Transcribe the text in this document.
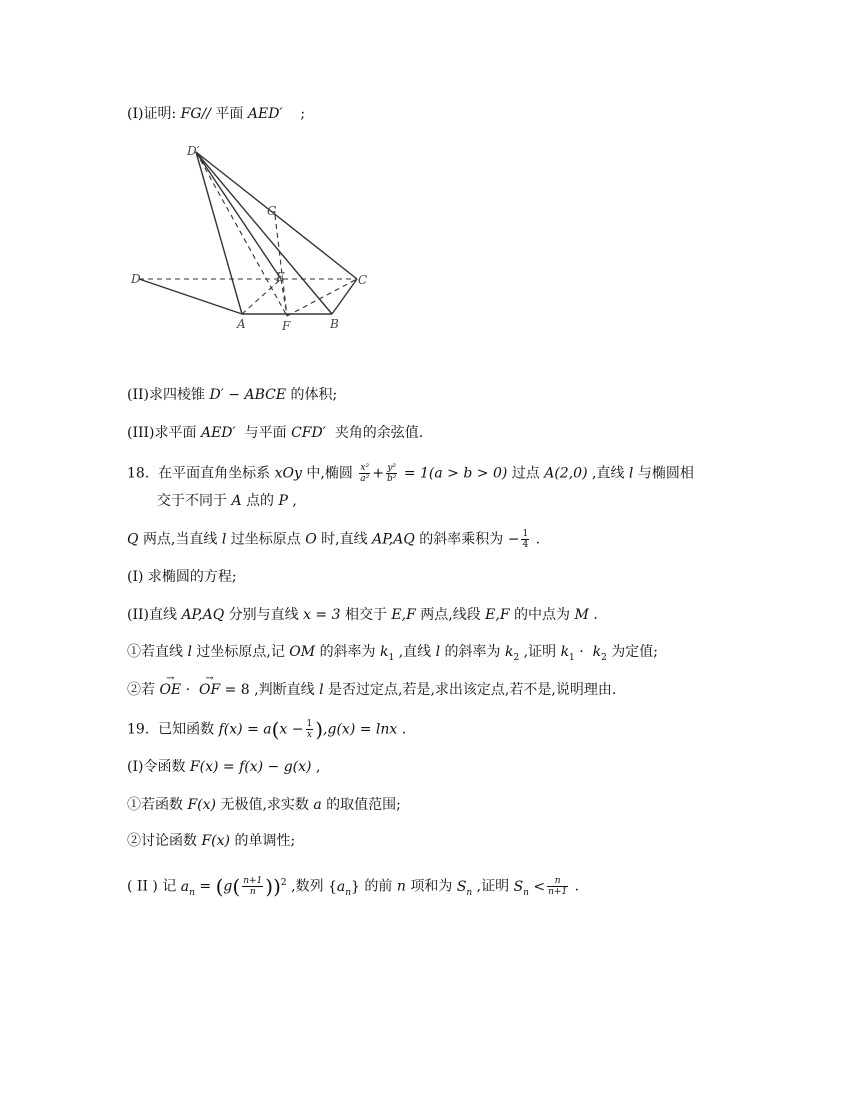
(I)证明: FG// 平面 AED′ ;
D′
G
D	E	C
A	F	B
(II)求四棱锥 D′ − ABCE 的体积;
(III)求平面 AED′ 与平面 CFD′ 夹角的余弦值.
18. 在平面直角坐标系 xOy 中,椭圆 $\frac{\text{x²}}{\text{a²}} + \frac{\text{y²}}{\text{b²}} = 1(a > b > 0)$ 过点 A(2,0) ,直线 l 与椭圆相
交于不同于 A 点的 P ,
Q 两点,当直线 l 过坐标原点 O 时,直线 AP,AQ 的斜率乘积为 − $\frac{1}{4}$ .
(I) 求椭圆的方程;
(II)直线 AP,AQ 分别与直线 x = 3 相交于 E,F 两点,线段 E,F 的中点为 M .
①若直线 l 过坐标原点,记 OM 的斜率为 $k_1$ ,直线 l 的斜率为 $k_2$ ,证明 $k_1 \cdot k_2$ 为定值;
②若 → OE ·  → OF = 8 ,判断直线 l 是否过定点,若是,求出该定点,若不是,说明理由.
19. 已知函数 $f(x) = a(x - \frac{1}{x} ),g(x) = \ln x$ .
(I)令函数 F(x) = f(x) − g(x) ,
①若函数 F(x) 无极值,求实数 a 的取值范围;
②讨论函数 F(x) 的单调性;
( II ) 记 $a_n = (g( \frac{n+1}{n} ))^2$ ,数列 $\{a_n\}$ 的前 n 项和为 $S_n$ ,证明 $S_n < \frac{n}{n+1}$ .
